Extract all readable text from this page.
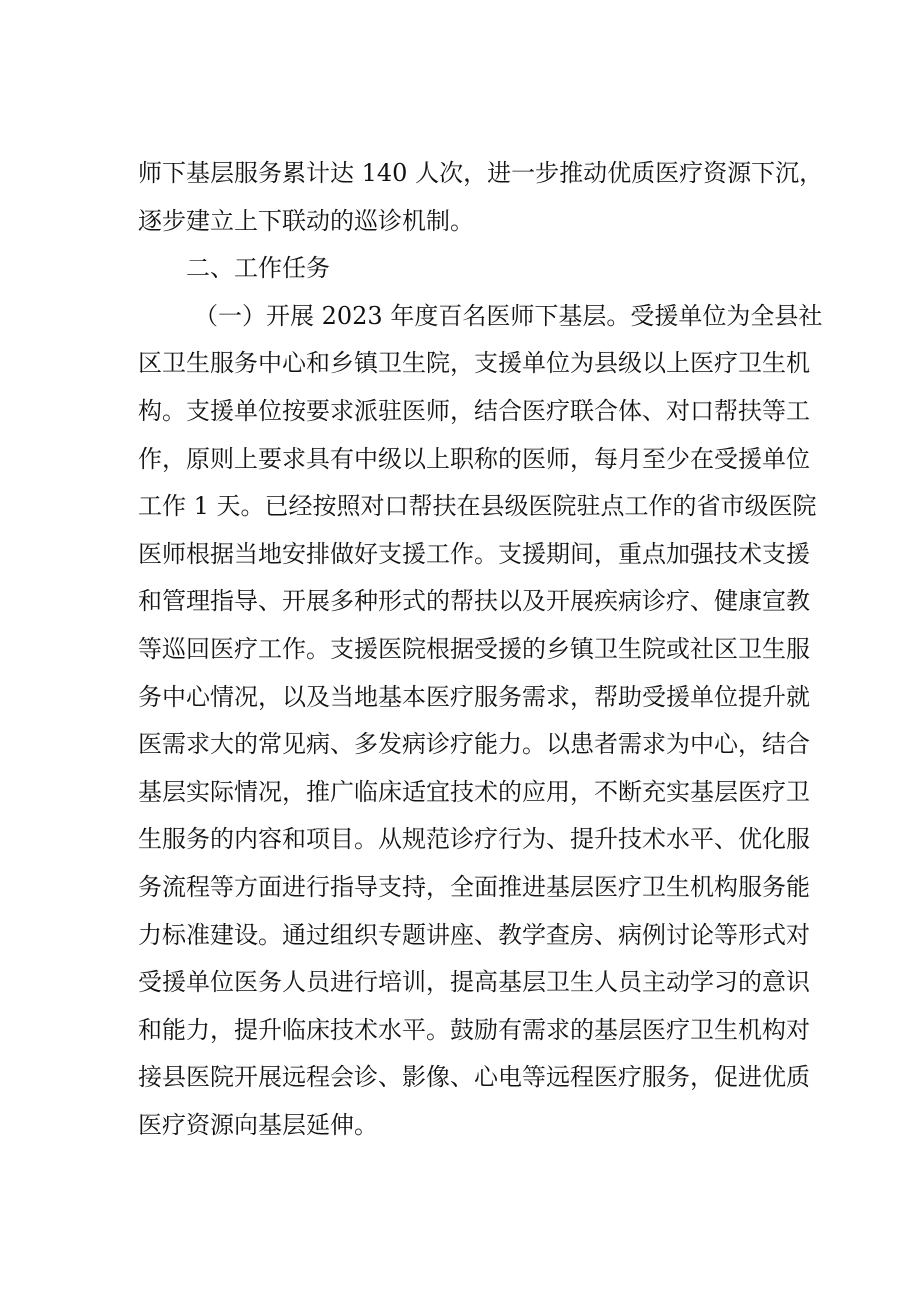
师下基层服务累计达 140 人次，进一步推动优质医疗资源下沉，
逐步建立上下联动的巡诊机制。
二、工作任务
（一）开展 2023 年度百名医师下基层。受援单位为全县社
区卫生服务中心和乡镇卫生院，支援单位为县级以上医疗卫生机
构。支援单位按要求派驻医师，结合医疗联合体、对口帮扶等工
作，原则上要求具有中级以上职称的医师，每月至少在受援单位
工作 1 天。已经按照对口帮扶在县级医院驻点工作的省市级医院
医师根据当地安排做好支援工作。支援期间，重点加强技术支援
和管理指导、开展多种形式的帮扶以及开展疾病诊疗、健康宣教
等巡回医疗工作。支援医院根据受援的乡镇卫生院或社区卫生服
务中心情况，以及当地基本医疗服务需求，帮助受援单位提升就
医需求大的常见病、多发病诊疗能力。以患者需求为中心，结合
基层实际情况，推广临床适宜技术的应用，不断充实基层医疗卫
生服务的内容和项目。从规范诊疗行为、提升技术水平、优化服
务流程等方面进行指导支持，全面推进基层医疗卫生机构服务能
力标准建设。通过组织专题讲座、教学查房、病例讨论等形式对
受援单位医务人员进行培训，提高基层卫生人员主动学习的意识
和能力，提升临床技术水平。鼓励有需求的基层医疗卫生机构对
接县医院开展远程会诊、影像、心电等远程医疗服务，促进优质
医疗资源向基层延伸。
